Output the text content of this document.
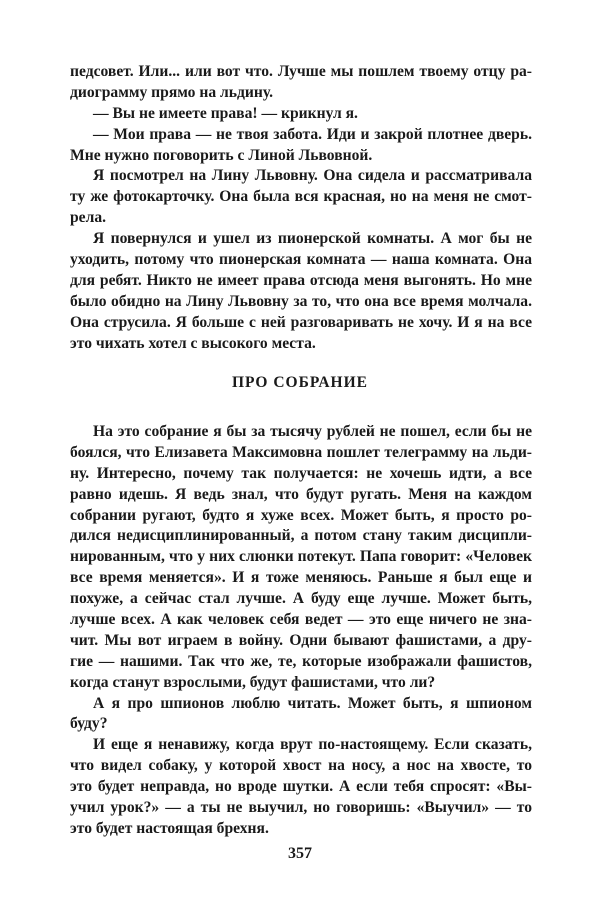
педсовет. Или... или вот что. Лучше мы пошлем твоему отцу ра-
диограмму прямо на льдину.
— Вы не имеете права! — крикнул я.
— Мои права — не твоя забота. Иди и закрой плотнее дверь.
Мне нужно поговорить с Линой Львовной.
Я посмотрел на Лину Львовну. Она сидела и рассматривала
ту же фотокарточку. Она была вся красная, но на меня не смот-
рела.
Я повернулся и ушел из пионерской комнаты. А мог бы не
уходить, потому что пионерская комната — наша комната. Она
для ребят. Никто не имеет права отсюда меня выгонять. Но мне
было обидно на Лину Львовну за то, что она все время молчала.
Она струсила. Я больше с ней разговаривать не хочу. И я на все
это чихать хотел с высокого места.
ПРО СОБРАНИЕ
На это собрание я бы за тысячу рублей не пошел, если бы не
боялся, что Елизавета Максимовна пошлет телеграмму на льди-
ну. Интересно, почему так получается: не хочешь идти, а все
равно идешь. Я ведь знал, что будут ругать. Меня на каждом
собрании ругают, будто я хуже всех. Может быть, я просто ро-
дился недисциплинированный, а потом стану таким дисципли-
нированным, что у них слюнки потекут. Папа говорит: «Человек
все время меняется». И я тоже меняюсь. Раньше я был еще и
похуже, а сейчас стал лучше. А буду еще лучше. Может быть,
лучше всех. А как человек себя ведет — это еще ничего не зна-
чит. Мы вот играем в войну. Одни бывают фашистами, а дру-
гие — нашими. Так что же, те, которые изображали фашистов,
когда станут взрослыми, будут фашистами, что ли?
А я про шпионов люблю читать. Может быть, я шпионом
буду?
И еще я ненавижу, когда врут по-настоящему. Если сказать,
что видел собаку, у которой хвост на носу, а нос на хвосте, то
это будет неправда, но вроде шутки. А если тебя спросят: «Вы-
учил урок?» — а ты не выучил, но говоришь: «Выучил» — то
это будет настоящая брехня.
357
